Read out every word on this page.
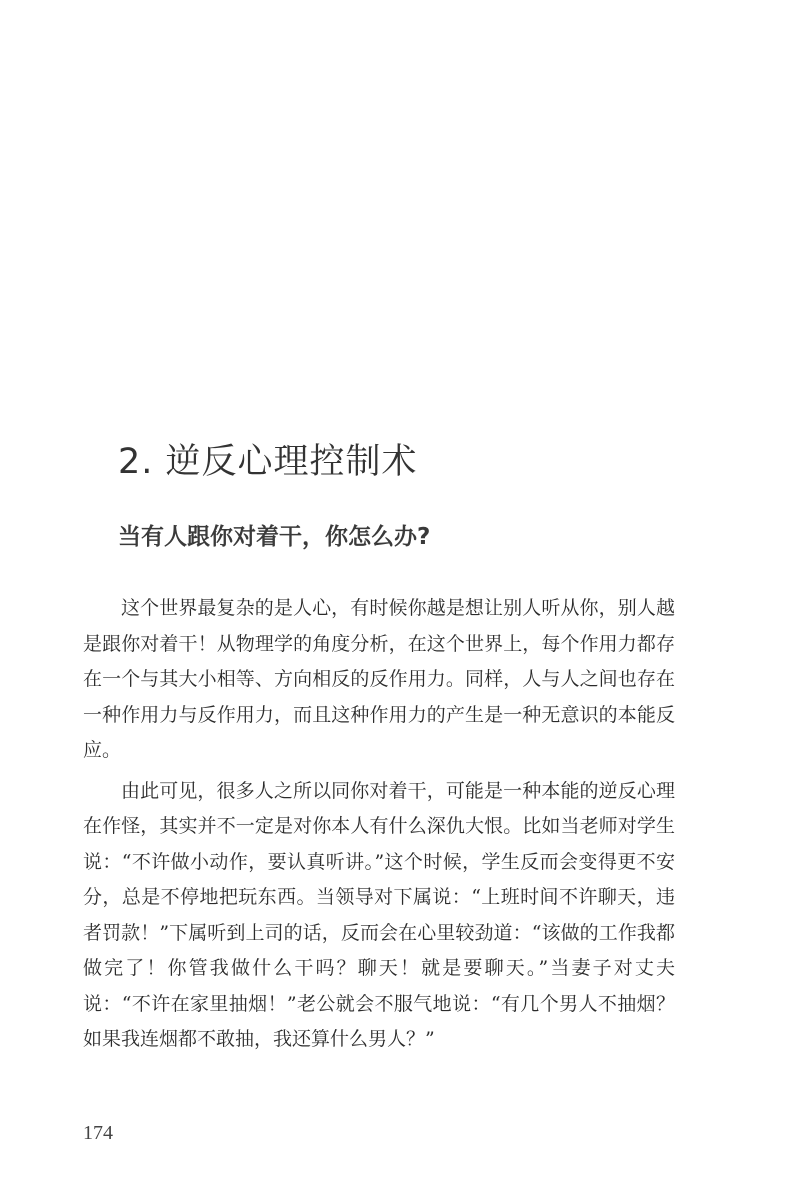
2. 逆反心理控制术
当有人跟你对着干，你怎么办?

这个世界最复杂的是人心，有时候你越是想让别人听从你，别人越是跟你对着干！从物理学的角度分析，在这个世界上，每个作用力都存在一个与其大小相等、方向相反的反作用力。同样，人与人之间也存在一种作用力与反作用力，而且这种作用力的产生是一种无意识的本能反应。

由此可见，很多人之所以同你对着干，可能是一种本能的逆反心理在作怪，其实并不一定是对你本人有什么深仇大恨。比如当老师对学生说：“不许做小动作，要认真听讲。”这个时候，学生反而会变得更不安分，总是不停地把玩东西。当领导对下属说：“上班时间不许聊天，违者罚款！”下属听到上司的话，反而会在心里较劲道：“该做的工作我都做完了！你管我做什么干吗？聊天！就是要聊天。”当妻子对丈夫说：“不许在家里抽烟！”老公就会不服气地说：“有几个男人不抽烟？如果我连烟都不敢抽，我还算什么男人？”

174
